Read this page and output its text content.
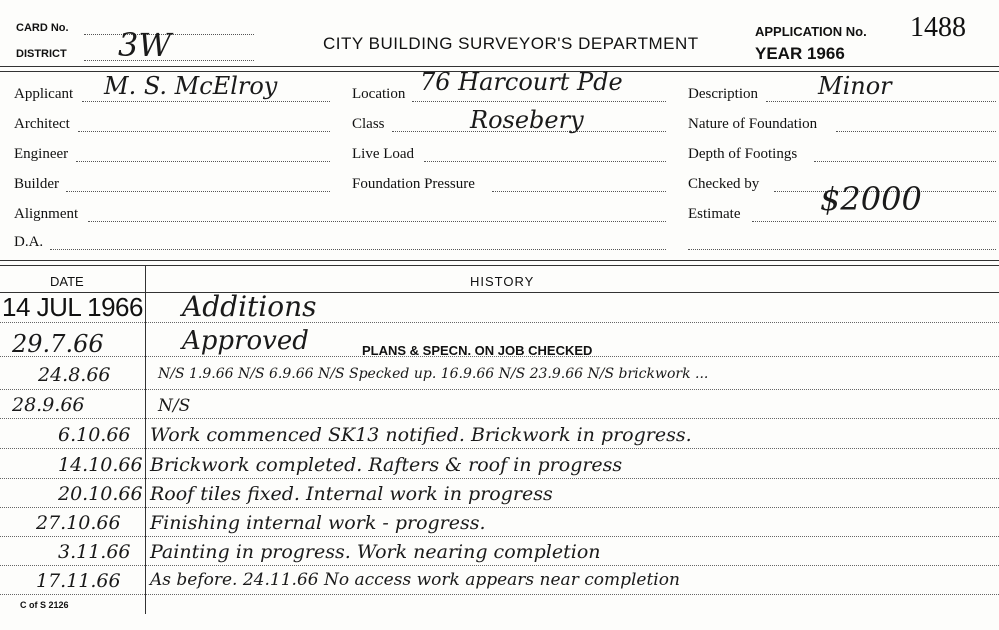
CARD No.
DISTRICT 3W	CITY BUILDING SURVEYOR'S DEPARTMENT
APPLICATION No. 1488
YEAR 1966
Applicant M. S. McElroy
Architect
Engineer
Builder
Alignment
D.A.
Location 76 Harcourt Pde
Class	Rosebery
Live Load
Foundation Pressure
Description	Minor
Nature of Foundation
Depth of Footings
Checked by
Estimate $2000
DATE	HISTORY
14 JUL 1966 Additions
29.7.66	Approved	PLANS & SPECN. ON JOB CHECKED
24.8.66	N/S 1.9.66 N/S 6.9.66 N/S Specked up. 16.9.66 N/S 23.9.66 N/S brickwork ...
28.9.66	N/S
6.10.66 Work commenced SK13 notified. Brickwork in progress.
14.10.66 Brickwork completed. Rafters & roof in progress
20.10.66 Roof tiles fixed. Internal work in progress
27.10.66 Finishing internal work - progress.
3.11.66 Painting in progress. Work nearing completion
17.11.66 As before. 24.11.66 No access work appears near completion
C of S 2126
